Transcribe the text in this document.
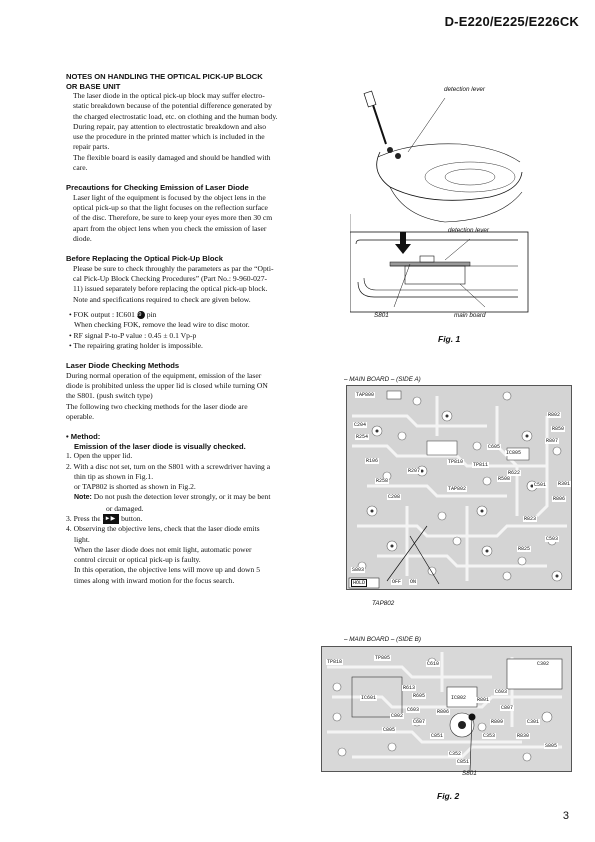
D-E220/E225/E226CK

NOTES ON HANDLING THE OPTICAL PICK-UP BLOCK

OR BASE UNIT

The laser diode in the optical pick-up block may suffer electro-

static breakdown because of the potential difference generated by

the charged electrostatic load, etc. on clothing and the human body.

During repair, pay attention to electrostatic breakdown and also

use the procedure in the printed matter which is included in the

repair parts.

The flexible board is easily damaged and should be handled with

care.

Precautions for Checking Emission of Laser Diode

Laser light of the equipment is focused by the object lens in the

optical pick-up so that the light focuses on the reflection surface

of the disc. Therefore, be sure to keep your eyes more then 30 cm

apart from the object lens when you check the emission of laser

diode.

Before Replacing the Optical Pick-Up Block

Please be sure to check throughly the parameters as par the “Opti-

cal Pick-Up Block Checking Procedures” (Part No.: 9-960-027-

11) issued separately before replacing the optical pick-up block.

Note and specifications required to check are given below.

• FOK output : IC601 39 pin

When checking FOK, remove the lead wire to disc motor.

• RF signal P-to-P value : 0.45 ± 0.1 Vp-p

• The repairing grating holder is impossible.

Laser Diode Checking Methods

During normal operation of the equipment, emission of the laser

diode is prohibited unless the upper lid is closed while turning ON

the S801. (push switch type)

The following two checking methods for the laser diode are

operable.

• Method:

Emission of the laser diode is visually checked.

1. Open the upper lid.

2. With a disc not set, turn on the S801 with a screwdriver having a

thin tip as shown in Fig.1.

or TAP802 is shorted as shown in Fig.2.

Note: Do not push the detection lever strongly, or it may be bent

or damaged.

3. Press the ►►▶ button.

4. Observing the objective lens, check that the laser diode emits

light.

When the laser diode does not emit light, automatic power

control circuit or optical pick-up is faulty.

In this operation, the objective lens will move up and down 5

times along with inward motion for the focus search.

detection lever
detection lever
S801	main board
Fig. 1
– MAIN BOARD – (SIDE A)
TAP800
TP810 TP811
IC805
R622
R106
R254
R258
R207
TAP802
R825
R823
R802
R850
R807
R806
C204
C208
C605
R508
C501 R301
C503
S803
HOLD	OFF ON
TAP802
– MAIN BOARD – (SIDE B)
TP818
TP805
C610
R613
C302
IC601	R605
C603
C802
R806
C607
C805
C851
IC802 R801
C353
C352
R830
S805
C603
C807
R809	C301
C851
S801
Fig. 2
3
